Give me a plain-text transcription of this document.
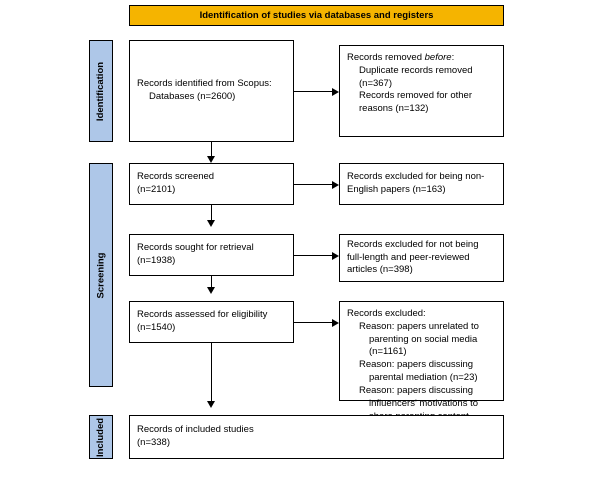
Identification of studies via databases and registers
Identification
Screening
Included
Records identified from Scopus:
Databases (n=2600)
Records removed before:
Duplicate records removed
(n=367)
Records removed for other
reasons (n=132)
Records screened
(n=2101)
Records excluded for being non-
English papers (n=163)
Records sought for retrieval
(n=1938)
Records excluded for not being
full-length and peer-reviewed
articles (n=398)
Records assessed for eligibility
(n=1540)
Records excluded:
Reason: papers unrelated to
parenting on social media
(n=1161)
Reason: papers discussing
parental mediation (n=23)
Reason: papers discussing
influencers' motivations to
Records of included studies
(n=338)
